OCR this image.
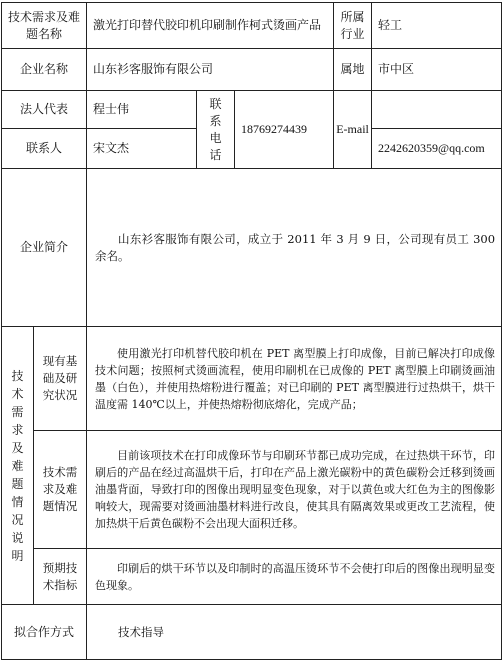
技术需求及难题名称		激光打印替代胶印机印刷制作柯式烫画产品			所属行业	轻工
企业名称		山东衫客服饰有限公司			属地	市中区
法人代表		程士伟	联系电话	18769274439	E-mail	
联系人		宋文杰				2242620359@qq.com
企业简介		山东衫客服饰有限公司，成立于 2011 年 3 月 9 日，公司现有员工 300 余名。				

技术需求及难题情况说明	现有基础及研究状况	使用激光打印机替代胶印机在 PET 离型膜上打印成像，目前已解决打印成像技术问题；按照柯式烫画流程，使用印刷机在已成像的 PET 离型膜上印刷烫画油墨（白色），并使用热熔粉进行覆盖；对已印刷的 PET 离型膜进行过热烘干，烘干温度需 140℃以上，并使热熔粉彻底熔化，完成产品；				
	技术需求及难题情况	目前该项技术在打印成像环节与印刷环节都已成功完成，在过热烘干环节，印刷后的产品在经过高温烘干后，打印在产品上激光碳粉中的黄色碳粉会迁移到烫画油墨背面，导致打印的图像出现明显变色现象，对于以黄色或大红色为主的图像影响较大，现需要对烫画油墨材料进行改良，使其具有隔离效果或更改工艺流程，使加热烘干后黄色碳粉不会出现大面积迁移。				
	预期技术指标	印刷后的烘干环节以及印制时的高温压烫环节不会使打印后的图像出现明显变色现象。				
拟合作方式		技术指导				
